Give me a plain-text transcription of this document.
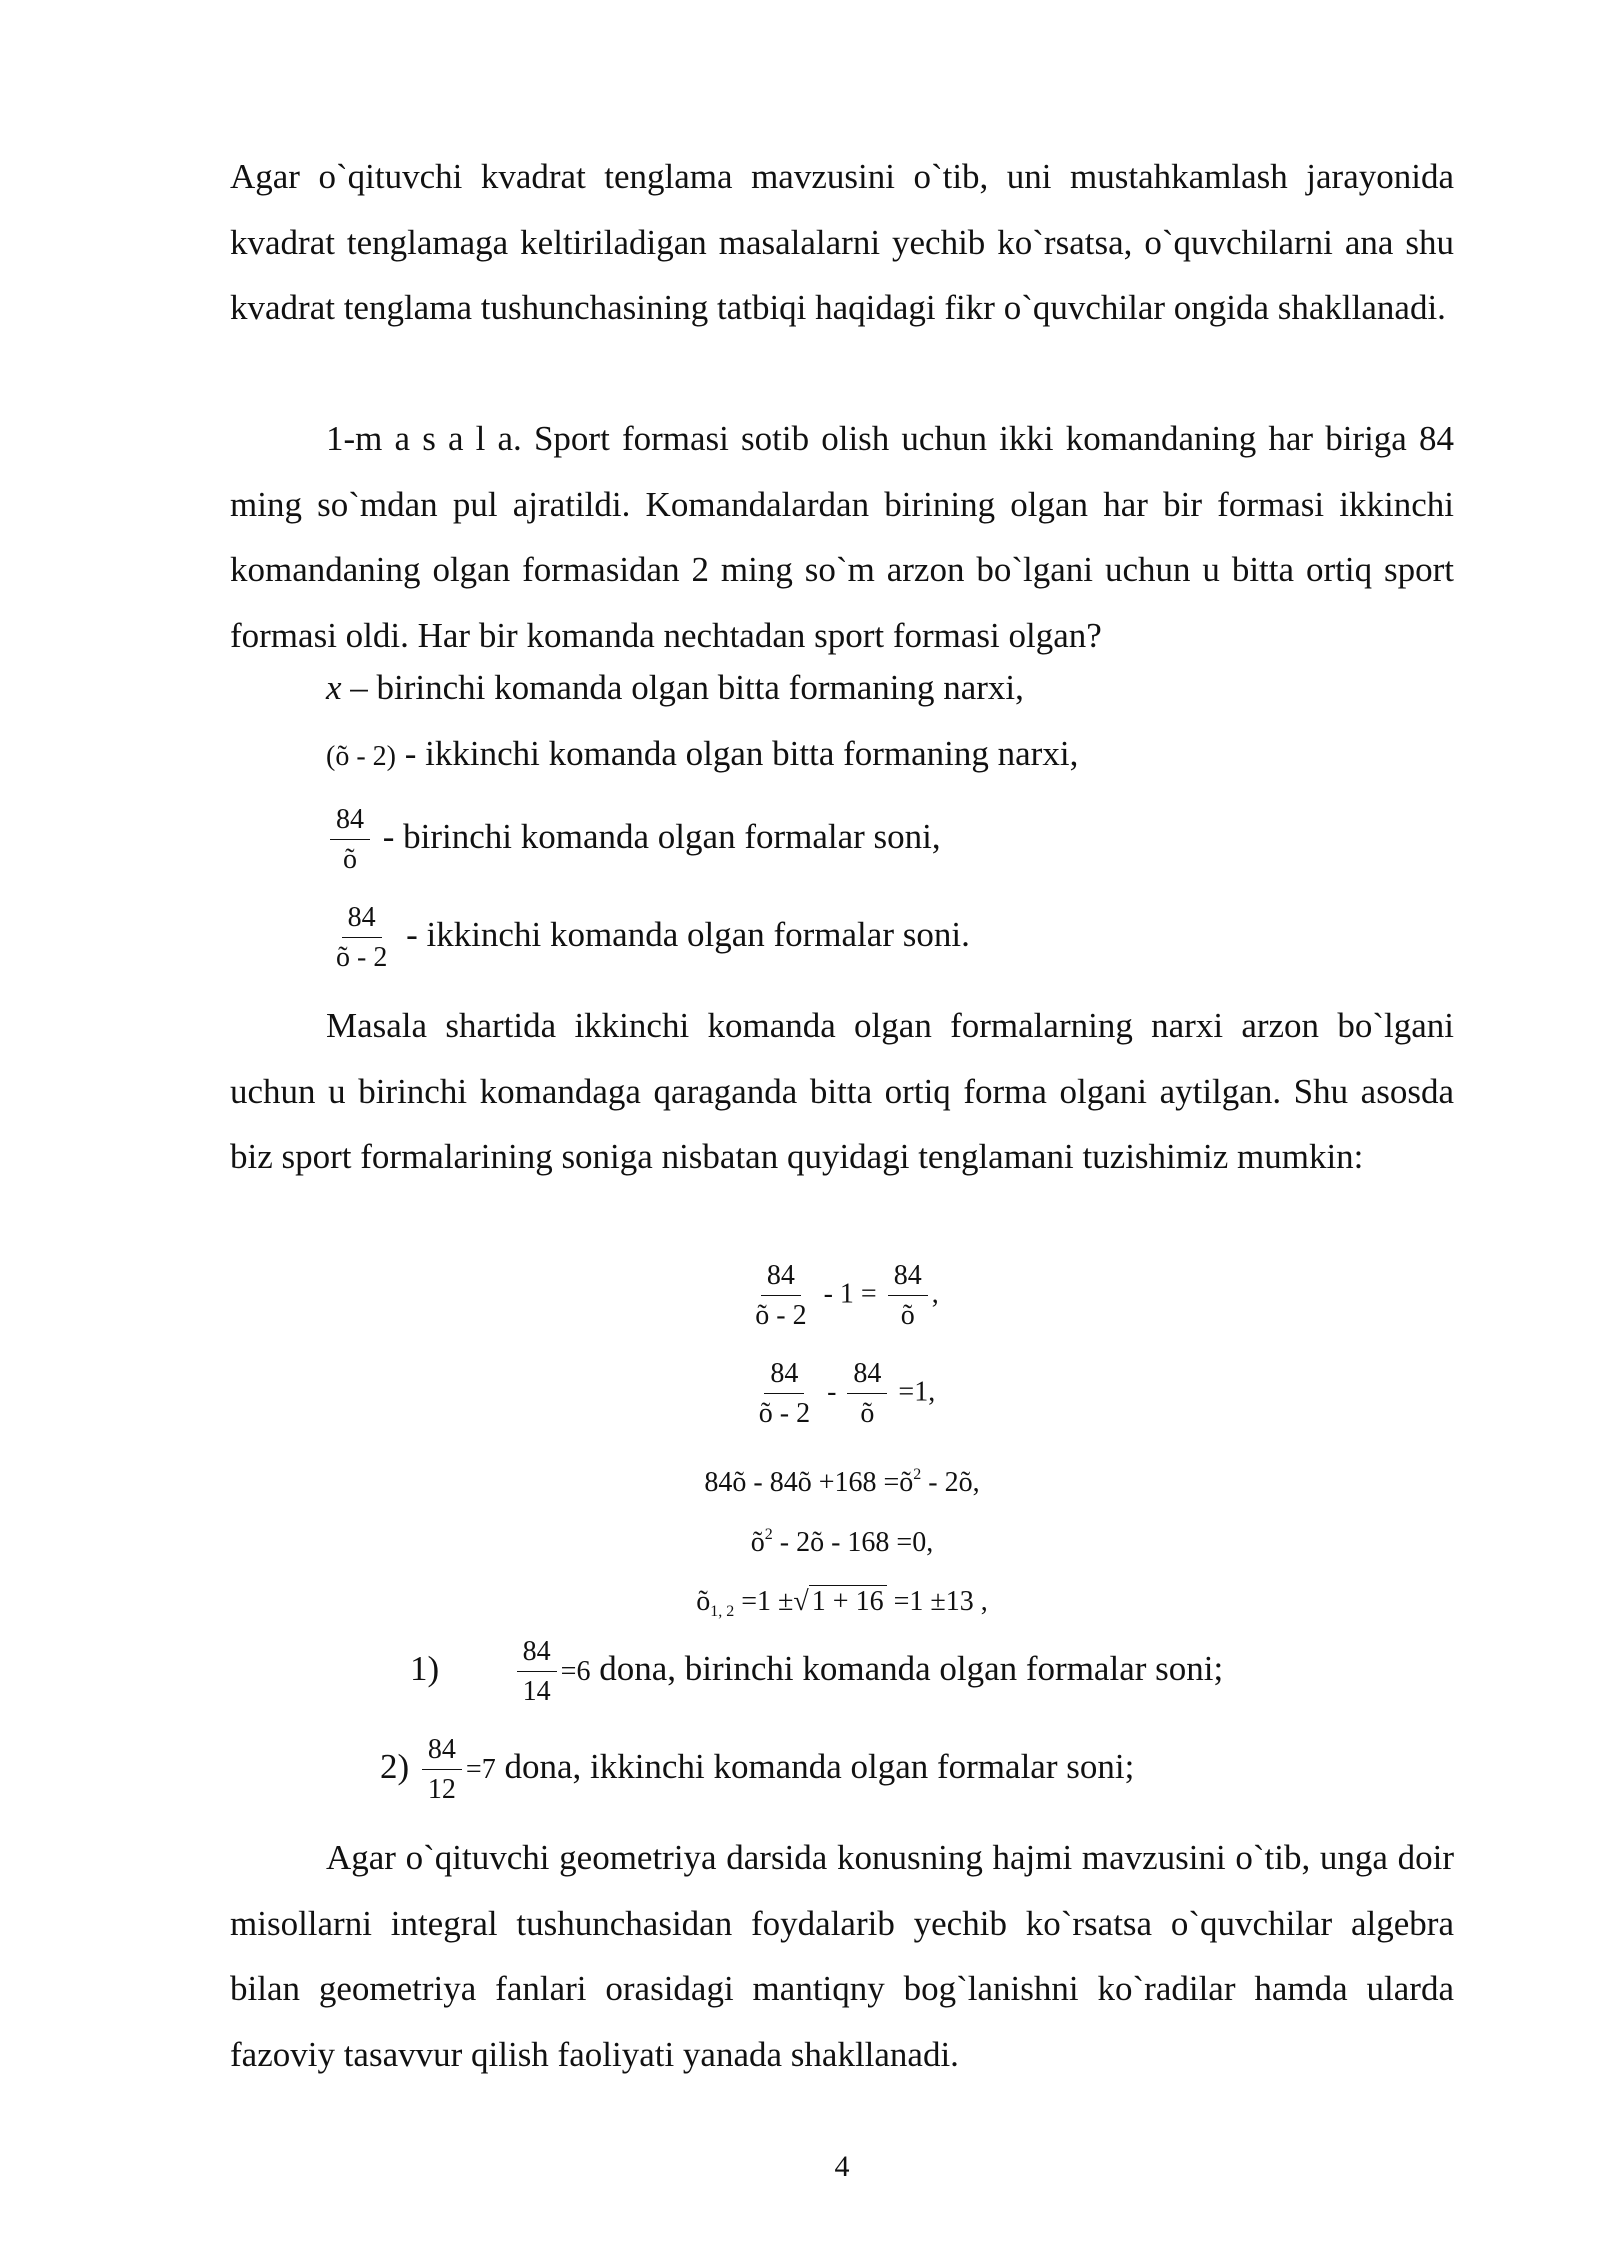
Agar o`qituvchi kvadrat tenglama mavzusini o`tib, uni mustahkamlash jarayonida kvadrat tenglamaga keltiriladigan masalalarni yechib ko`rsatsa, o`quvchilarni ana shu kvadrat tenglama tushunchasining tatbiqi haqidagi fikr o`quvchilar ongida shakllanadi.

1-m a s a l a. Sport formasi sotib olish uchun ikki komandaning har biriga 84 ming so`mdan pul ajratildi. Komandalardan birining olgan har bir formasi ikkinchi komandaning olgan formasidan 2 ming so`m arzon bo`lgani uchun u bitta ortiq sport formasi oldi. Har bir komanda nechtadan sport formasi olgan?

x – birinchi komanda olgan bitta formaning narxi,
(õ - 2) - ikkinchi komanda olgan bitta formaning narxi,
$\frac{84}{õ}$ - birinchi komanda olgan formalar soni,
$\frac{84}{õ - 2}$ - ikkinchi komanda olgan formalar soni.

Masala shartida ikkinchi komanda olgan formalarning narxi arzon bo`lgani uchun u birinchi komandaga qaraganda bitta ortiq forma olgani aytilgan. Shu asosda biz sport formalarining soniga nisbatan quyidagi tenglamani tuzishimiz mumkin:

$\frac{84}{õ - 2} - 1 = \frac{84}{õ}$ ,
$\frac{84}{õ - 2} - \frac{84}{õ} =1$,
84õ - 84õ $+168 =õ^2$ - 2õ,
$õ^2$ - 2õ - 168 =0,
$õ_{1, 2} =1$ ±√ 1 + 16 =1 ±13 ,
1)	$\frac{84}{14} =6$ dona, birinchi komanda olgan formalar soni;
$2) \frac{84}{12} =7$ dona, ikkinchi komanda olgan formalar soni;

Agar o`qituvchi geometriya darsida konusning hajmi mavzusini o`tib, unga doir misollarni integral tushunchasidan foydalarib yechib ko`rsatsa o`quvchilar algebra bilan geometriya fanlari orasidagi mantiqny bog`lanishni ko`radilar hamda ularda fazoviy tasavvur qilish faoliyati yanada shakllanadi.

4
